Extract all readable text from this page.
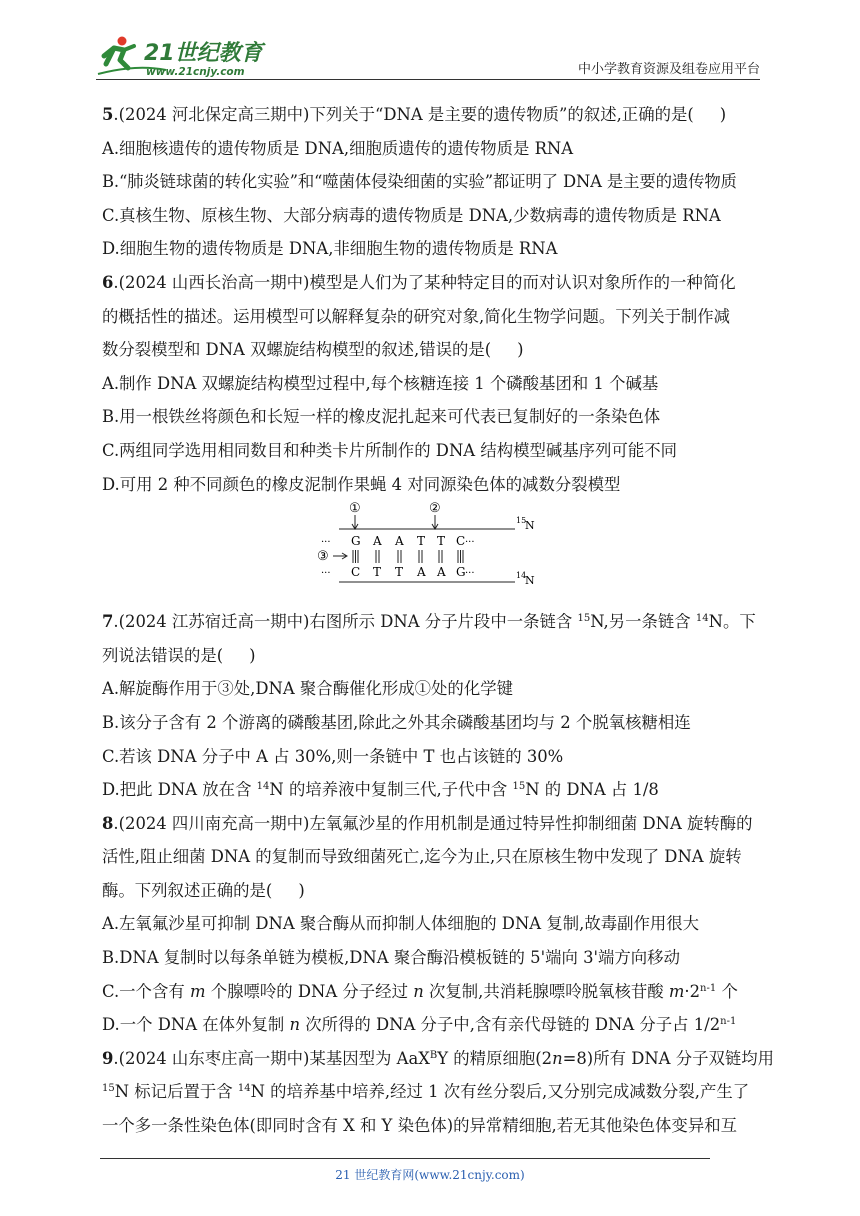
21世纪教育
www.21cnjy.com	中小学教育资源及组卷应用平台
5.(2024 河北保定高三期中)下列关于“DNA 是主要的遗传物质”的叙述,正确的是( )
A.细胞核遗传的遗传物质是 DNA,细胞质遗传的遗传物质是 RNA
B.“肺炎链球菌的转化实验”和“噬菌体侵染细菌的实验”都证明了 DNA 是主要的遗传物质
C.真核生物、原核生物、大部分病毒的遗传物质是 DNA,少数病毒的遗传物质是 RNA
D.细胞生物的遗传物质是 DNA,非细胞生物的遗传物质是 RNA
6.(2024 山西长治高一期中)模型是人们为了某种特定目的而对认识对象所作的一种简化
的概括性的描述。运用模型可以解释复杂的研究对象,简化生物学问题。下列关于制作减
数分裂模型和 DNA 双螺旋结构模型的叙述,错误的是( )
A.制作 DNA 双螺旋结构模型过程中,每个核糖连接 1 个磷酸基团和 1 个碱基
B.用一根铁丝将颜色和长短一样的橡皮泥扎起来可代表已复制好的一条染色体
C.两组同学选用相同数目和种类卡片所制作的 DNA 结构模型碱基序列可能不同
D.可用 2 种不同颜色的橡皮泥制作果蝇 4 对同源染色体的减数分裂模型
15
N
14
N
①	②
③
···	···
···	···
G A A T T C
C T T A A G
7.(2024 江苏宿迁高一期中)右图所示 DNA 分子片段中一条链含 $^{15}$N,另一条链含 $^{14}$N。下
列说法错误的是( )
A.解旋酶作用于③处,DNA 聚合酶催化形成①处的化学键
B.该分子含有 2 个游离的磷酸基团,除此之外其余磷酸基团均与 2 个脱氧核糖相连
C.若该 DNA 分子中 A 占 30%,则一条链中 T 也占该链的 30%
D.把此 DNA 放在含 $^{14}$N 的培养液中复制三代,子代中含 $^{15}$N 的 DNA 占 1/8
8.(2024 四川南充高一期中)左氧氟沙星的作用机制是通过特异性抑制细菌 DNA 旋转酶的
活性,阻止细菌 DNA 的复制而导致细菌死亡,迄今为止,只在原核生物中发现了 DNA 旋转
酶。下列叙述正确的是( )
A.左氧氟沙星可抑制 DNA 聚合酶从而抑制人体细胞的 DNA 复制,故毒副作用很大
B.DNA 复制时以每条单链为模板,DNA 聚合酶沿模板链的 5'端向 3'端方向移动
C.一个含有 m 个腺嘌呤的 DNA 分子经过 n 次复制,共消耗腺嘌呤脱氧核苷酸 $m\cdot 2^{n-1}$ 个
D.一个 DNA 在体外复制 n 次所得的 DNA 分子中,含有亲代母链的 DNA 分子占 1/2$^{n-1}$
9.(2024 山东枣庄高一期中)某基因型为 AaX$^B$Y 的精原细胞(2n=8)所有 DNA 分子双链均用
$^{15}$N 标记后置于含 $^{14}$N 的培养基中培养,经过 1 次有丝分裂后,又分别完成减数分裂,产生了
一个多一条性染色体(即同时含有 X 和 Y 染色体)的异常精细胞,若无其他染色体变异和互
21 世纪教育网(www.21cnjy.com)
